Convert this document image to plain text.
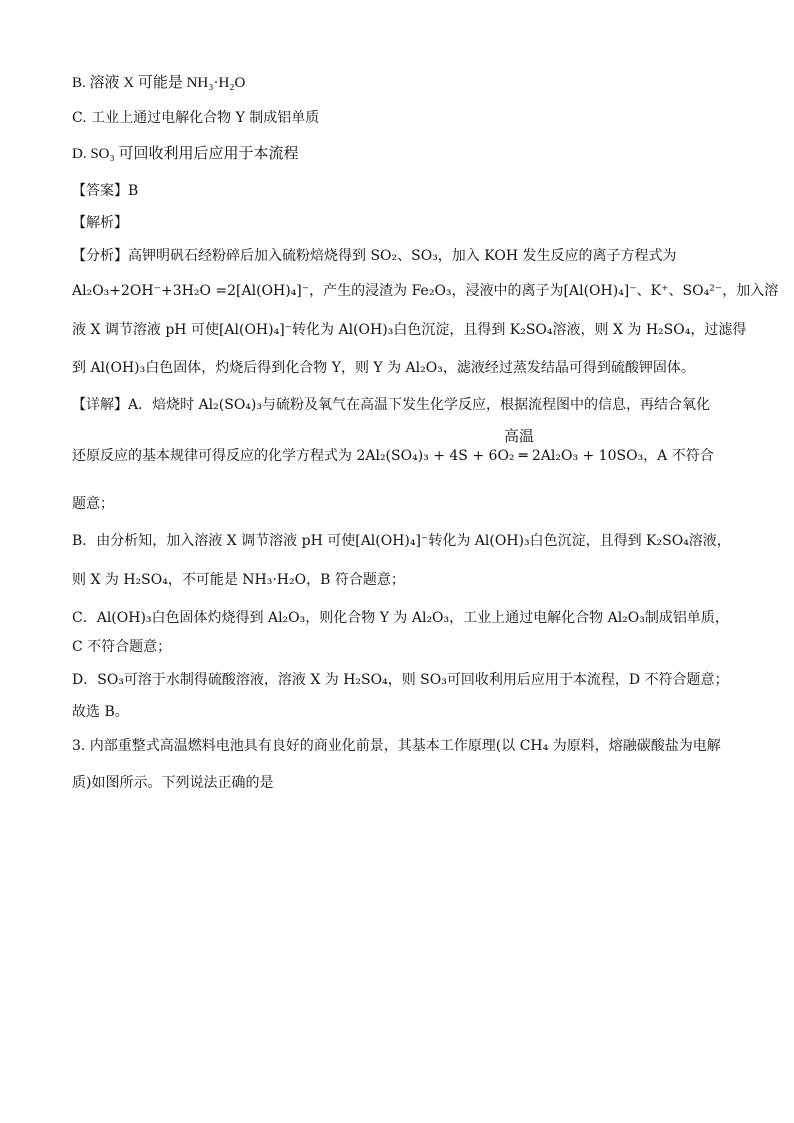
B. 溶液 X 可能是 NH₃·H₂O
C. 工业上通过电解化合物 Y 制成铝单质
D. SO₃ 可回收利用后应用于本流程
【答案】B
【解析】
【分析】高钾明矾石经粉碎后加入硫粉焙烧得到 SO₂、SO₃，加入 KOH 发生反应的离子方程式为
Al₂O₃+2OH⁻+3H₂O =2[Al(OH)₄]⁻，产生的浸渣为 Fe₂O₃，浸液中的离子为[Al(OH)₄]⁻、K⁺、SO₄²⁻，加入溶
液 X 调节溶液 pH 可使[Al(OH)₄]⁻转化为 Al(OH)₃白色沉淀，且得到 K₂SO₄溶液，则 X 为 H₂SO₄，过滤得
到 Al(OH)₃白色固体，灼烧后得到化合物 Y，则 Y 为 Al₂O₃，滤液经过蒸发结晶可得到硫酸钾固体。
【详解】A．焙烧时 Al₂(SO₄)₃与硫粉及氧气在高温下发生化学反应，根据流程图中的信息，再结合氧化
高温
还原反应的基本规律可得反应的化学方程式为 2Al₂(SO₄)₃ + 4S + 6O₂ ═ 2Al₂O₃ + 10SO₃，A 不符合
题意；
B．由分析知，加入溶液 X 调节溶液 pH 可使[Al(OH)₄]⁻转化为 Al(OH)₃白色沉淀，且得到 K₂SO₄溶液，
则 X 为 H₂SO₄，不可能是 NH₃·H₂O，B 符合题意；
C．Al(OH)₃白色固体灼烧得到 Al₂O₃，则化合物 Y 为 Al₂O₃，工业上通过电解化合物 Al₂O₃制成铝单质，
C 不符合题意；
D．SO₃可溶于水制得硫酸溶液，溶液 X 为 H₂SO₄，则 SO₃可回收利用后应用于本流程，D 不符合题意；
故选 B。
3. 内部重整式高温燃料电池具有良好的商业化前景，其基本工作原理(以 CH₄ 为原料，熔融碳酸盐为电解
质)如图所示。下列说法正确的是
